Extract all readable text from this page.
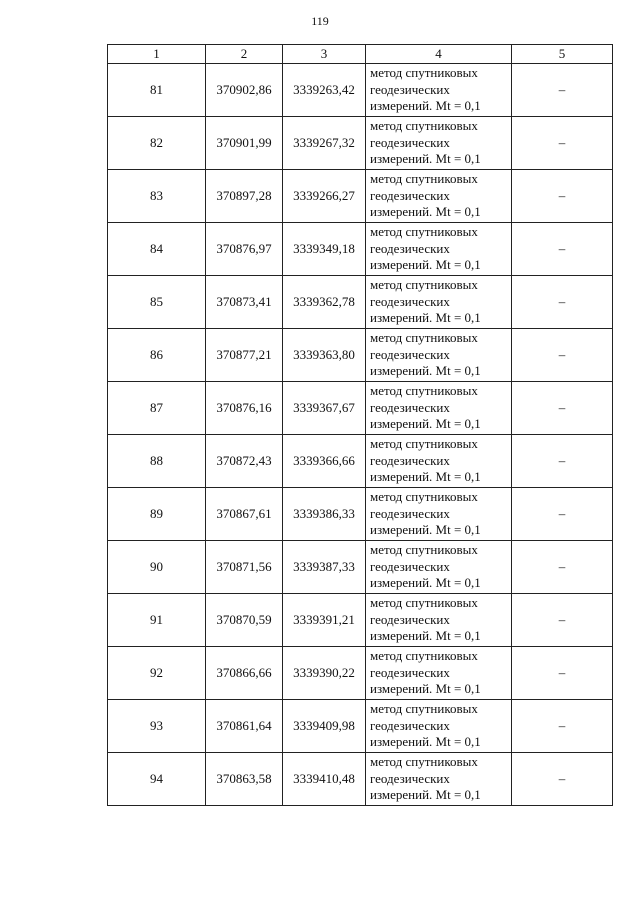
119
1	2	3	4	5
81	370902,86	3339263,42	метод спутниковых
геодезических
измерений. Mt = 0,1	–
82	370901,99	3339267,32	метод спутниковых
геодезических
измерений. Mt = 0,1	–
83	370897,28	3339266,27	метод спутниковых
геодезических
измерений. Mt = 0,1	–
84	370876,97	3339349,18	метод спутниковых
геодезических
измерений. Mt = 0,1	–
85	370873,41	3339362,78	метод спутниковых
геодезических
измерений. Mt = 0,1	–
86	370877,21	3339363,80	метод спутниковых
геодезических
измерений. Mt = 0,1	–
87	370876,16	3339367,67	метод спутниковых
геодезических
измерений. Mt = 0,1	–
88	370872,43	3339366,66	метод спутниковых
геодезических
измерений. Mt = 0,1	–
89	370867,61	3339386,33	метод спутниковых
геодезических
измерений. Mt = 0,1	–
90	370871,56	3339387,33	метод спутниковых
геодезических
измерений. Mt = 0,1	–
91	370870,59	3339391,21	метод спутниковых
геодезических
измерений. Mt = 0,1	–
92	370866,66	3339390,22	метод спутниковых
геодезических
измерений. Mt = 0,1	–
93	370861,64	3339409,98	метод спутниковых
геодезических
измерений. Mt = 0,1	–
94	370863,58	3339410,48	метод спутниковых
геодезических
измерений. Mt = 0,1	–
